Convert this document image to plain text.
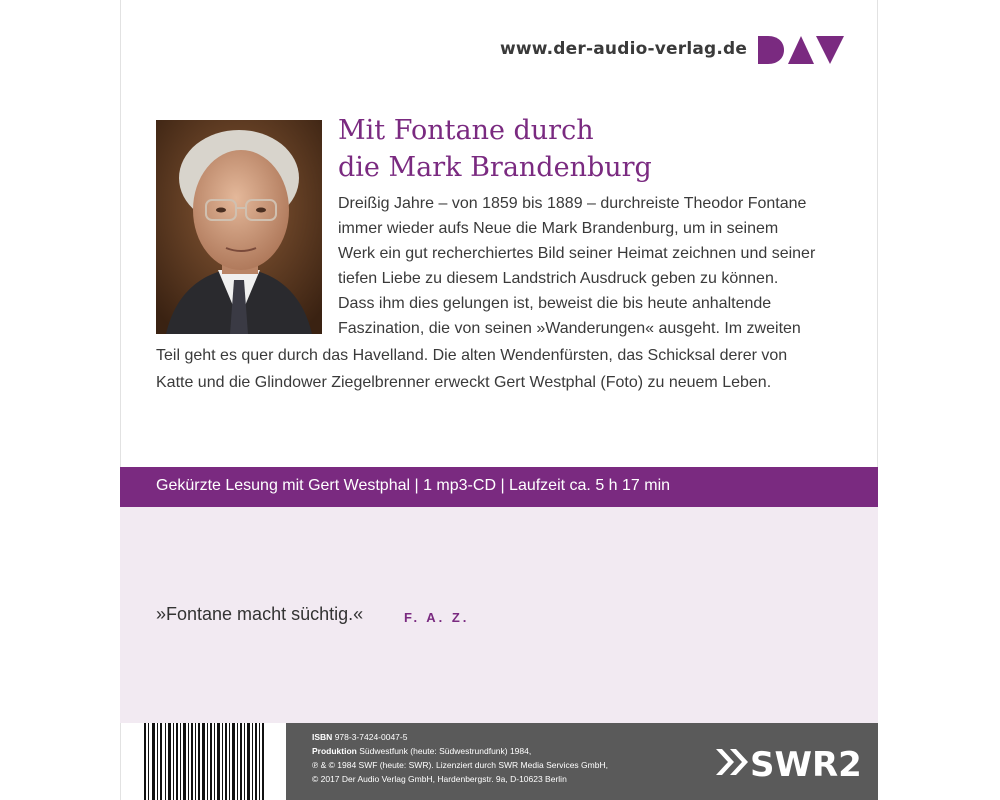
www.der-audio-verlag.de
Mit Fontane durch
die Mark Brandenburg
Dreißig Jahre – von 1859 bis 1889 – durchreiste Theodor Fontane
immer wieder aufs Neue die Mark Brandenburg, um in seinem
Werk ein gut recherchiertes Bild seiner Heimat zeichnen und seiner
tiefen Liebe zu diesem Landstrich Ausdruck geben zu können.
Dass ihm dies gelungen ist, beweist die bis heute anhaltende
Faszination, die von seinen »Wanderungen« ausgeht. Im zweiten
Teil geht es quer durch das Havelland. Die alten Wendenfürsten, das Schicksal derer von
Katte und die Glindower Ziegelbrenner erweckt Gert Westphal (Foto) zu neuem Leben.
Gekürzte Lesung mit Gert Westphal | 1 mp3-CD | Laufzeit ca. 5 h 17 min
»Fontane macht süchtig.«	F. A. Z.
ISBN 978-3-7424-0047-5
Produktion Südwestfunk (heute: Südwestrundfunk) 1984,
℗ & © 1984 SWF (heute: SWR). Lizenziert durch SWR Media Services GmbH,
© 2017 Der Audio Verlag GmbH, Hardenbergstr. 9a, D-10623 Berlin	SWR2
